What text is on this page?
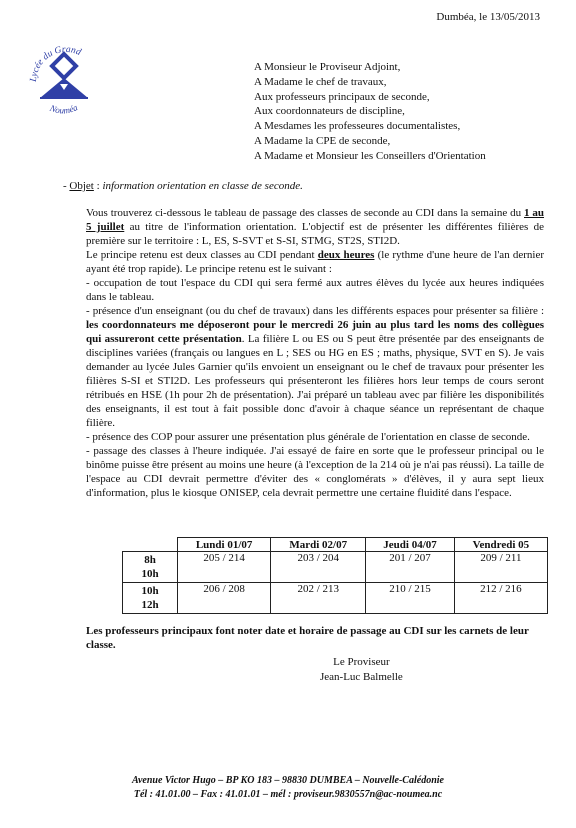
Dumbéa, le 13/05/2013
Lycée du Grand
Nouméa
A Monsieur le Proviseur Adjoint,
A Madame le chef de travaux,
Aux professeurs principaux de seconde,
Aux coordonnateurs de discipline,
A Mesdames les professeures documentalistes,
A Madame la CPE de seconde,
A Madame et Monsieur les Conseillers d'Orientation
- Objet : information orientation en classe de seconde.

Vous trouverez ci-dessous le tableau de passage des classes de seconde au CDI dans la semaine du 1 au 5 juillet au titre de l'information orientation. L'objectif est de présenter les différentes filières de première sur le territoire : L, ES, S-SVT et S-SI, STMG, ST2S, STI2D.

Le principe retenu est deux classes au CDI pendant deux heures (le rythme d'une heure de l'an dernier ayant été trop rapide). Le principe retenu est le suivant :

- occupation de tout l'espace du CDI qui sera fermé aux autres élèves du lycée aux heures indiquées dans le tableau.

- présence d'un enseignant (ou du chef de travaux) dans les différents espaces pour présenter sa filière : les coordonnateurs me déposeront pour le mercredi 26 juin au plus tard les noms des collègues qui assureront cette présentation. La filière L ou ES ou S peut être présentée par des enseignants de disciplines variées (français ou langues en L ; SES ou HG en ES ; maths, physique, SVT en S). Je vais demander au lycée Jules Garnier qu'ils envoient un enseignant ou le chef de travaux pour présenter les filières S-SI et STI2D. Les professeurs qui présenteront les filières hors leur temps de cours seront rétribués en HSE (1h pour 2h de présentation). J'ai préparé un tableau avec par filière les disponibilités des enseignants, il est tout à fait possible donc d'avoir à chaque séance un représentant de chaque filière.

- présence des COP pour assurer une présentation plus générale de l'orientation en classe de seconde.

- passage des classes à l'heure indiquée. J'ai essayé de faire en sorte que le professeur principal ou le binôme puisse être présent au moins une heure (à l'exception de la 214 où je n'ai pas réussi). La taille de l'espace au CDI devrait permettre d'éviter des « conglomérats » d'élèves, il y aura sept lieux d'information, plus le kiosque ONISEP, cela devrait permettre une certaine fluidité dans l'espace.

	Lundi 01/07	Mardi 02/07	Jeudi 04/07	Vendredi 05

8h
10h	205 / 214	203 / 204	201 / 207	209 / 211

10h
12h	206 / 208	202 / 213	210 / 215	212 / 216
Les professeurs principaux font noter date et horaire de passage au CDI sur les carnets de leur classe.
Le Proviseur
Jean-Luc Balmelle
Avenue Victor Hugo – BP KO 183 – 98830 DUMBEA – Nouvelle-Calédonie
Tél : 41.01.00 – Fax : 41.01.01 – mél : proviseur.9830557n@ac-noumea.nc
